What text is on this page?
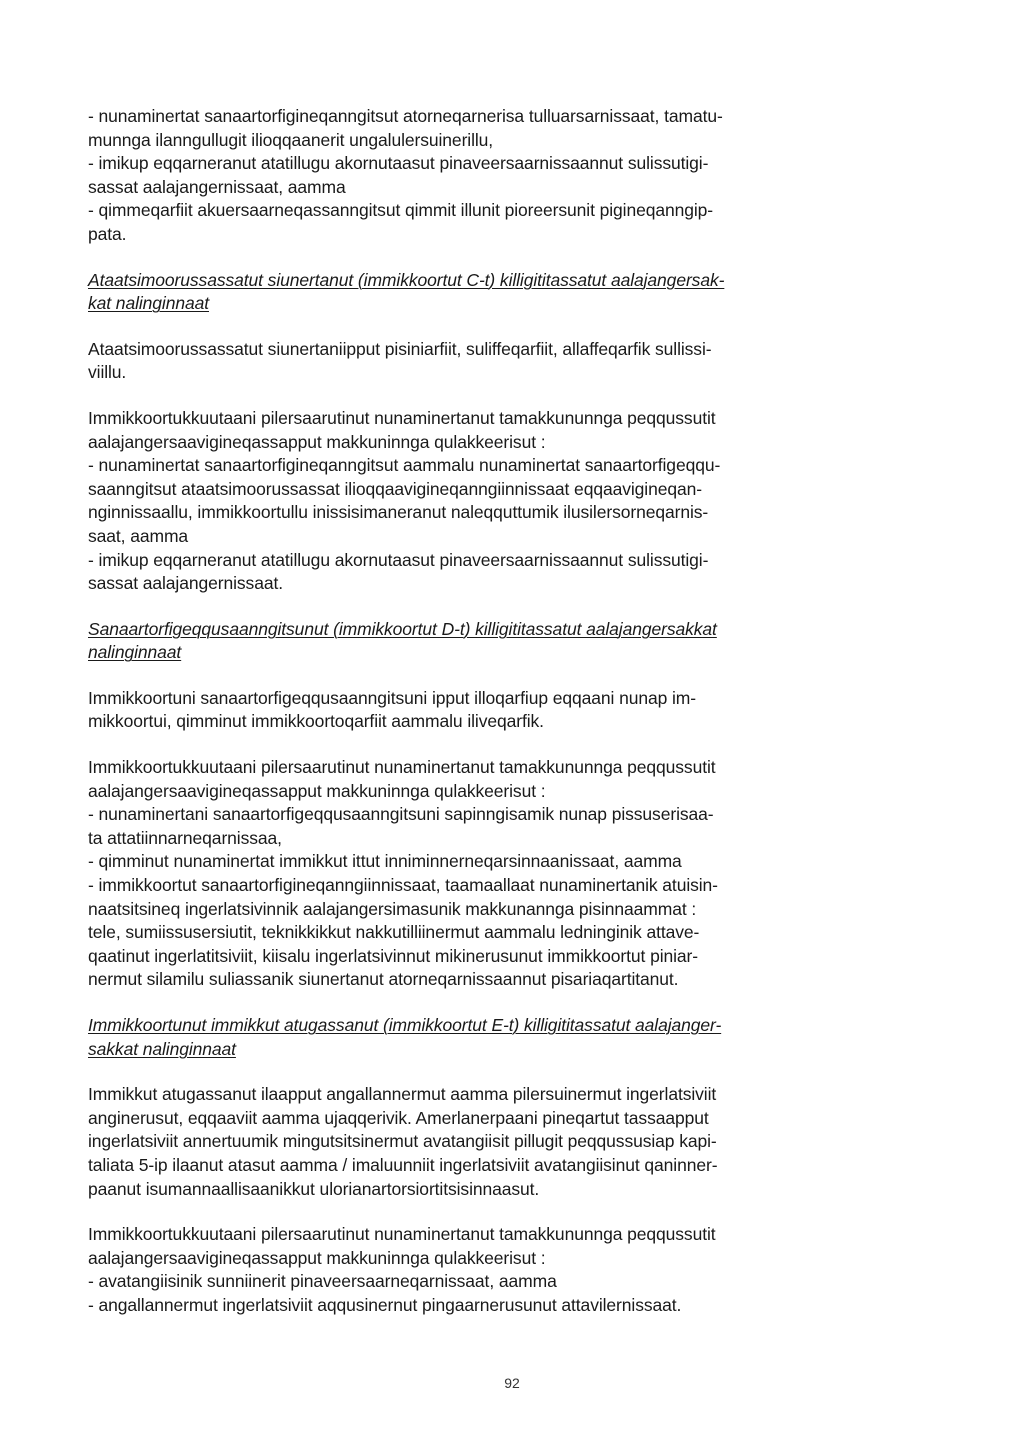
- nunaminertat sanaartorfigineqanngitsut atorneqarnerisa tulluarsarnissaat, tamatu-
munnga ilanngullugit ilioqqaanerit ungalulersuinerillu,
- imikup eqqarneranut atatillugu akornutaasut pinaveersaarnissaannut sulissutigi-
sassat aalajangernissaat, aamma
- qimmeqarfiit akuersaarneqassanngitsut qimmit illunit pioreersunit pigineqanngip-
pata.
Ataatsimoorussassatut siunertanut (immikkoortut C-t) killigititassatut aalajangersak-
kat nalinginnaat
Ataatsimoorussassatut siunertaniipput pisiniarfiit, suliffeqarfiit, allaffeqarfik sullissi-
viillu.
Immikkoortukkuutaani pilersaarutinut nunaminertanut tamakkununnga peqqussutit
aalajangersaavigineqassapput makkuninnga qulakkeerisut :
- nunaminertat sanaartorfigineqanngitsut aammalu nunaminertat sanaartorfigeqqu-
saanngitsut ataatsimoorussassat ilioqqaavigineqanngiinnissaat eqqaavigineqan-
nginnissaallu, immikkoortullu inissisimaneranut naleqquttumik ilusilersorneqarnis-
saat, aamma
- imikup eqqarneranut atatillugu akornutaasut pinaveersaarnissaannut sulissutigi-
sassat aalajangernissaat.
Sanaartorfigeqqusaanngitsunut (immikkoortut D-t) killigititassatut aalajangersakkat
nalinginnaat
Immikkoortuni sanaartorfigeqqusaanngitsuni ipput illoqarfiup eqqaani nunap im-
mikkoortui, qimminut immikkoortoqarfiit aammalu iliveqarfik.
Immikkoortukkuutaani pilersaarutinut nunaminertanut tamakkununnga peqqussutit
aalajangersaavigineqassapput makkuninnga qulakkeerisut :
- nunaminertani sanaartorfigeqqusaanngitsuni sapinngisamik nunap pissuserisaa-
ta attatiinnarneqarnissaa,
- qimminut nunaminertat immikkut ittut inniminnerneqarsinnaanissaat, aamma
- immikkoortut sanaartorfigineqanngiinnissaat, taamaallaat nunaminertanik atuisin-
naatsitsineq ingerlatsivinnik aalajangersimasunik makkunannga pisinnaammat :
tele, sumiissusersiutit, teknikkikkut nakkutilliinermut aammalu ledninginik attave-
qaatinut ingerlatitsiviit, kiisalu ingerlatsivinnut mikinerusunut immikkoortut piniar-
nermut silamilu suliassanik siunertanut atorneqarnissaannut pisariaqartitanut.
Immikkoortunut immikkut atugassanut (immikkoortut E-t) killigititassatut aalajanger-
sakkat nalinginnaat
Immikkut atugassanut ilaapput angallannermut aamma pilersuinermut ingerlatsiviit
anginerusut, eqqaaviit aamma ujaqqerivik. Amerlanerpaani pineqartut tassaapput
ingerlatsiviit annertuumik mingutsitsinermut avatangiisit pillugit peqqussusiap kapi-
taliata 5-ip ilaanut atasut aamma / imaluunniit ingerlatsiviit avatangiisinut qaninner-
paanut isumannaallisaanikkut ulorianartorsiortitsisinnaasut.
Immikkoortukkuutaani pilersaarutinut nunaminertanut tamakkununnga peqqussutit
aalajangersaavigineqassapput makkuninnga qulakkeerisut :
- avatangiisinik sunniinerit pinaveersaarneqarnissaat, aamma
- angallannermut ingerlatsiviit aqqusinernut pingaarnerusunut attavilernissaat.
92
